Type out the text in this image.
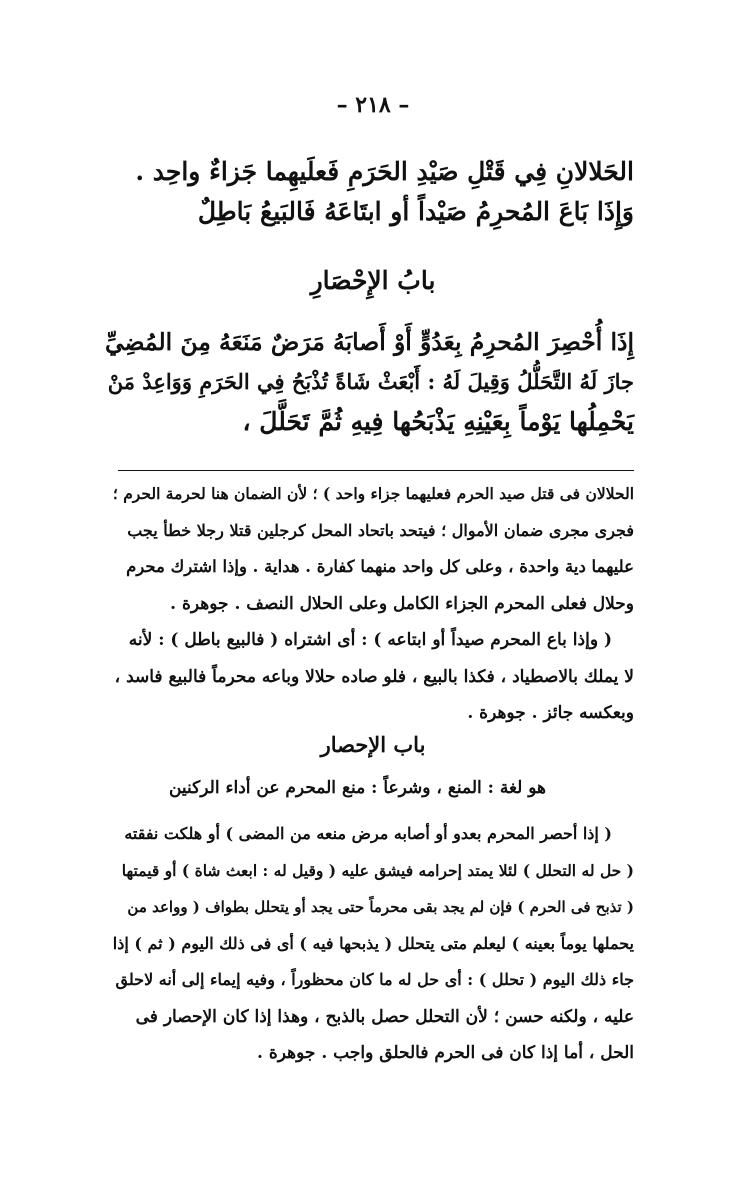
– ٢١٨ –
الحَلالانِ فِي قَتْلِ صَيْدِ الحَرَمِ فَعلَيهِما جَزاءٌ واحِد .
وَإِذَا بَاعَ المُحرِمُ صَيْداً أو ابتَاعَهُ فَالبَيعُ بَاطِلٌ
بابُ الإِحْصَارِ
إِذَا أُحْصِرَ المُحرِمُ بِعَدُوٍّ أَوْ أَصابَهُ مَرَضٌ مَنَعَهُ مِنَ المُضِيِّ
جازَ لَهُ التَّحَلُّلُ وَقِيلَ لَهُ : أَبْعَثْ شَاةً تُذْبَحُ فِي الحَرَمِ وَوَاعِدْ مَنْ
يَحْمِلُها يَوْماً بِعَيْنِهِ يَذْبَحُها فِيهِ ثُمَّ تَحَلَّلَ ،
الحلالان فى قتل صيد الحرم فعليهما جزاء واحد ) ؛ لأن الضمان هنا لحرمة الحرم ؛
فجرى مجرى ضمان الأموال ؛ فيتحد باتحاد المحل كرجلين قتلا رجلا خطأ يجب
عليهما دية واحدة ، وعلى كل واحد منهما كفارة . هداية . وإذا اشترك محرم
وحلال فعلى المحرم الجزاء الكامل وعلى الحلال النصف . جوهرة .
( وإذا باع المحرم صيداً أو ابتاعه ) : أى اشتراه ( فالبيع باطل ) : لأنه
لا يملك بالاصطياد ، فكذا بالبيع ، فلو صاده حلالا وباعه محرماً فالبيع فاسد ،
وبعكسه جائز . جوهرة .
باب الإحصار
هو لغة : المنع ، وشرعاً : منع المحرم عن أداء الركنين
( إذا أحصر المحرم بعدو أو أصابه مرض منعه من المضى ) أو هلكت نفقته
( حل له التحلل ) لئلا يمتد إحرامه فيشق عليه ( وقيل له : ابعث شاة ) أو قيمتها
( تذبح فى الحرم ) فإن لم يجد بقى محرماً حتى يجد أو يتحلل بطواف ( وواعد من
يحملها يوماً بعينه ) ليعلم متى يتحلل ( يذبحها فيه ) أى فى ذلك اليوم ( ثم ) إذا
جاء ذلك اليوم ( تحلل ) : أى حل له ما كان محظوراً ، وفيه إيماء إلى أنه لاحلق
عليه ، ولكنه حسن ؛ لأن التحلل حصل بالذبح ، وهذا إذا كان الإحصار فى
الحل ، أما إذا كان فى الحرم فالحلق واجب . جوهرة .
